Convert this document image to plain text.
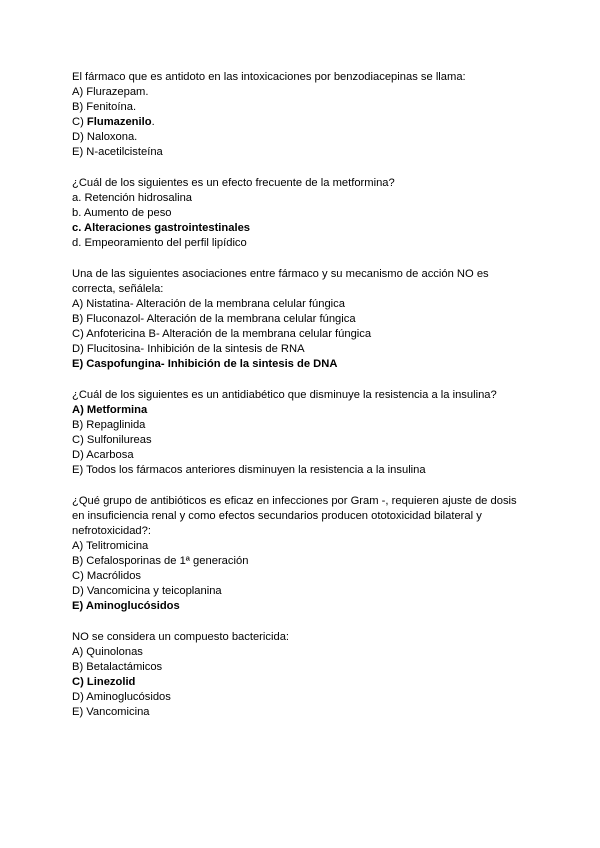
El fármaco que es antidoto en las intoxicaciones por benzodiacepinas se llama:

A) Flurazepam.

B) Fenitoína.

C) Flumazenilo.

D) Naloxona.

E) N-acetilcisteína

¿Cuál de los siguientes es un efecto frecuente de la metformina?

a. Retención hidrosalina

b. Aumento de peso

c. Alteraciones gastrointestinales

d. Empeoramiento del perfil lipídico

Una de las siguientes asociaciones entre fármaco y su mecanismo de acción NO es correcta, señálela:

A) Nistatina- Alteración de la membrana celular fúngica

B) Fluconazol- Alteración de la membrana celular fúngica

C) Anfotericina B- Alteración de la membrana celular fúngica

D) Flucitosina- Inhibición de la sintesis de RNA

E) Caspofungina- Inhibición de la sintesis de DNA

¿Cuál de los siguientes es un antidiabético que disminuye la resistencia a la insulina?

A) Metformina

B) Repaglinida

C) Sulfonilureas

D) Acarbosa

E) Todos los fármacos anteriores disminuyen la resistencia a la insulina

¿Qué grupo de antibióticos es eficaz en infecciones por Gram -, requieren ajuste de dosis en insuficiencia renal y como efectos secundarios producen ototoxicidad bilateral y nefrotoxicidad?:

A) Telitromicina

B) Cefalosporinas de 1ª generación

C) Macrólidos

D) Vancomicina y teicoplanina

E) Aminoglucósidos

NO se considera un compuesto bactericida:

A) Quinolonas

B) Betalactámicos

C) Linezolid

D) Aminoglucósidos

E) Vancomicina
